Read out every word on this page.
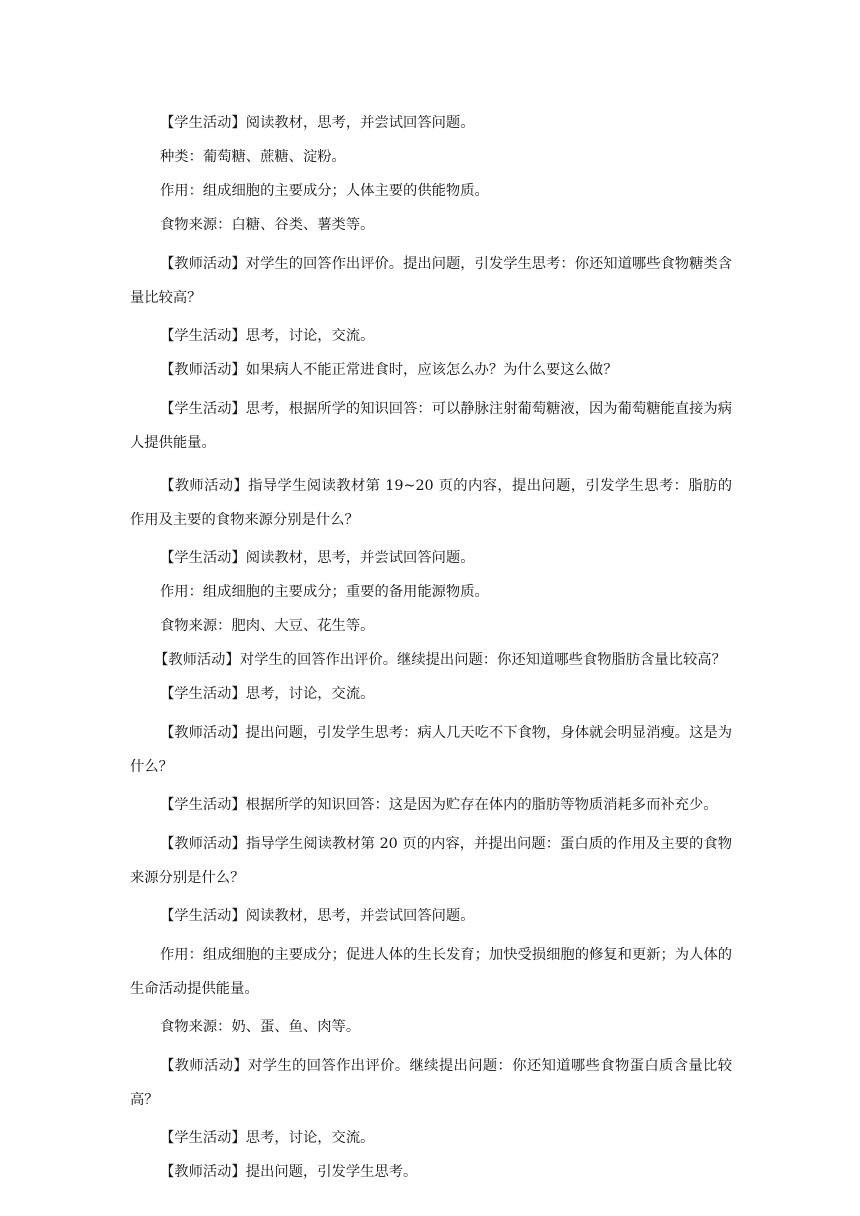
【学生活动】阅读教材，思考，并尝试回答问题。

种类：葡萄糖、蔗糖、淀粉。

作用：组成细胞的主要成分；人体主要的供能物质。

食物来源：白糖、谷类、薯类等。

【教师活动】对学生的回答作出评价。提出问题，引发学生思考：你还知道哪些食物糖类含量比较高？

【学生活动】思考，讨论，交流。

【教师活动】如果病人不能正常进食时，应该怎么办？为什么要这么做？

【学生活动】思考，根据所学的知识回答：可以静脉注射葡萄糖液，因为葡萄糖能直接为病人提供能量。

【教师活动】指导学生阅读教材第 19~20 页的内容，提出问题，引发学生思考：脂肪的作用及主要的食物来源分别是什么？

【学生活动】阅读教材，思考，并尝试回答问题。

作用：组成细胞的主要成分；重要的备用能源物质。

食物来源：肥肉、大豆、花生等。

【教师活动】对学生的回答作出评价。继续提出问题：你还知道哪些食物脂肪含量比较高？

【学生活动】思考，讨论，交流。

【教师活动】提出问题，引发学生思考：病人几天吃不下食物，身体就会明显消瘦。这是为什么？

【学生活动】根据所学的知识回答：这是因为贮存在体内的脂肪等物质消耗多而补充少。

【教师活动】指导学生阅读教材第 20 页的内容，并提出问题：蛋白质的作用及主要的食物来源分别是什么？

【学生活动】阅读教材，思考，并尝试回答问题。

作用：组成细胞的主要成分；促进人体的生长发育；加快受损细胞的修复和更新；为人体的生命活动提供能量。

食物来源：奶、蛋、鱼、肉等。

【教师活动】对学生的回答作出评价。继续提出问题：你还知道哪些食物蛋白质含量比较高？

【学生活动】思考，讨论，交流。

【教师活动】提出问题，引发学生思考。
